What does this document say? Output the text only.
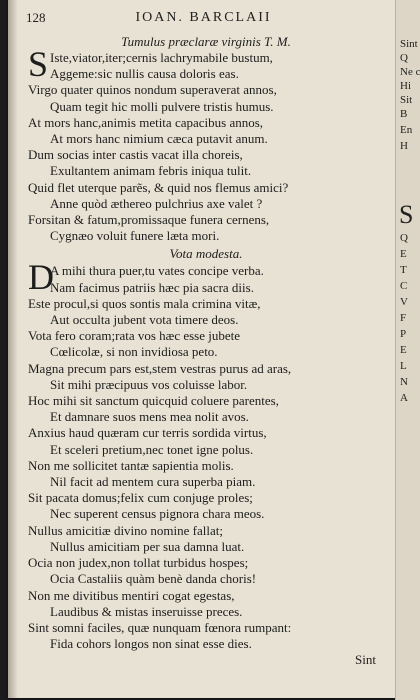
128	IOAN. BARCLAII
Tumulus præclaræ virginis T. M.
S Iste,viator,iter;cernis lachrymabile bustum,
Aggeme:sic nullis causa doloris eas.
Virgo quater quinos nondum superaverat annos,
Quam tegit hic molli pulvere tristis humus.
At mors hanc,animis metita capacibus annos,
At mors hanc nimium cæca putavit anum.
Dum socias inter castis vacat illa choreis,
Exultantem animam febris iniqua tulit.
Quid flet uterque parẽs, & quid nos flemus amici?
Anne quòd æthereo pulchrius axe valet ?
Forsitan & fatum,promissaque funera cernens,
Cygnæo voluit funere læta mori.
Vota modesta.
D
A mihi thura puer,tu vates concipe verba.
Nam facimus patriis hæc pia sacra diis.
Este procul,si quos sontis mala crimina vitæ,
Aut occulta jubent vota timere deos.
Vota fero coram;rata vos hæc esse jubete
Cœlicolæ, si non invidiosa peto.
Magna precum pars est,stem vestras purus ad aras,
Sit mihi præcipuus vos coluisse labor.
Hoc mihi sit sanctum quicquid coluere parentes,
Et damnare suos mens mea nolit avos.
Anxius haud quæram cur terris sordida virtus,
Et sceleri pretium,nec tonet igne polus.
Non me sollicitet tantæ sapientia molis.
Nil facit ad mentem cura superba piam.
Sit pacata domus;felix cum conjuge proles;
Nec superent census pignora chara meos.
Nullus amicitiæ divino nomine fallat;
Nullus amicitiam per sua damna luat.
Ocia non judex,non tollat turbidus hospes;
Ocia Castaliis quàm benè danda choris!
Non me divitibus mentiri cogat egestas,
Laudibus & mistas inseruisse preces.
Sint somni faciles, quæ nunquam fœnora rumpant:
Fida cohors longos non sinat esse dies.
Sint
Sint
Q
Ne c
Hi
Sit
B
En
H
S
Q
E
T
C
V
F
P
E
L
N
A
